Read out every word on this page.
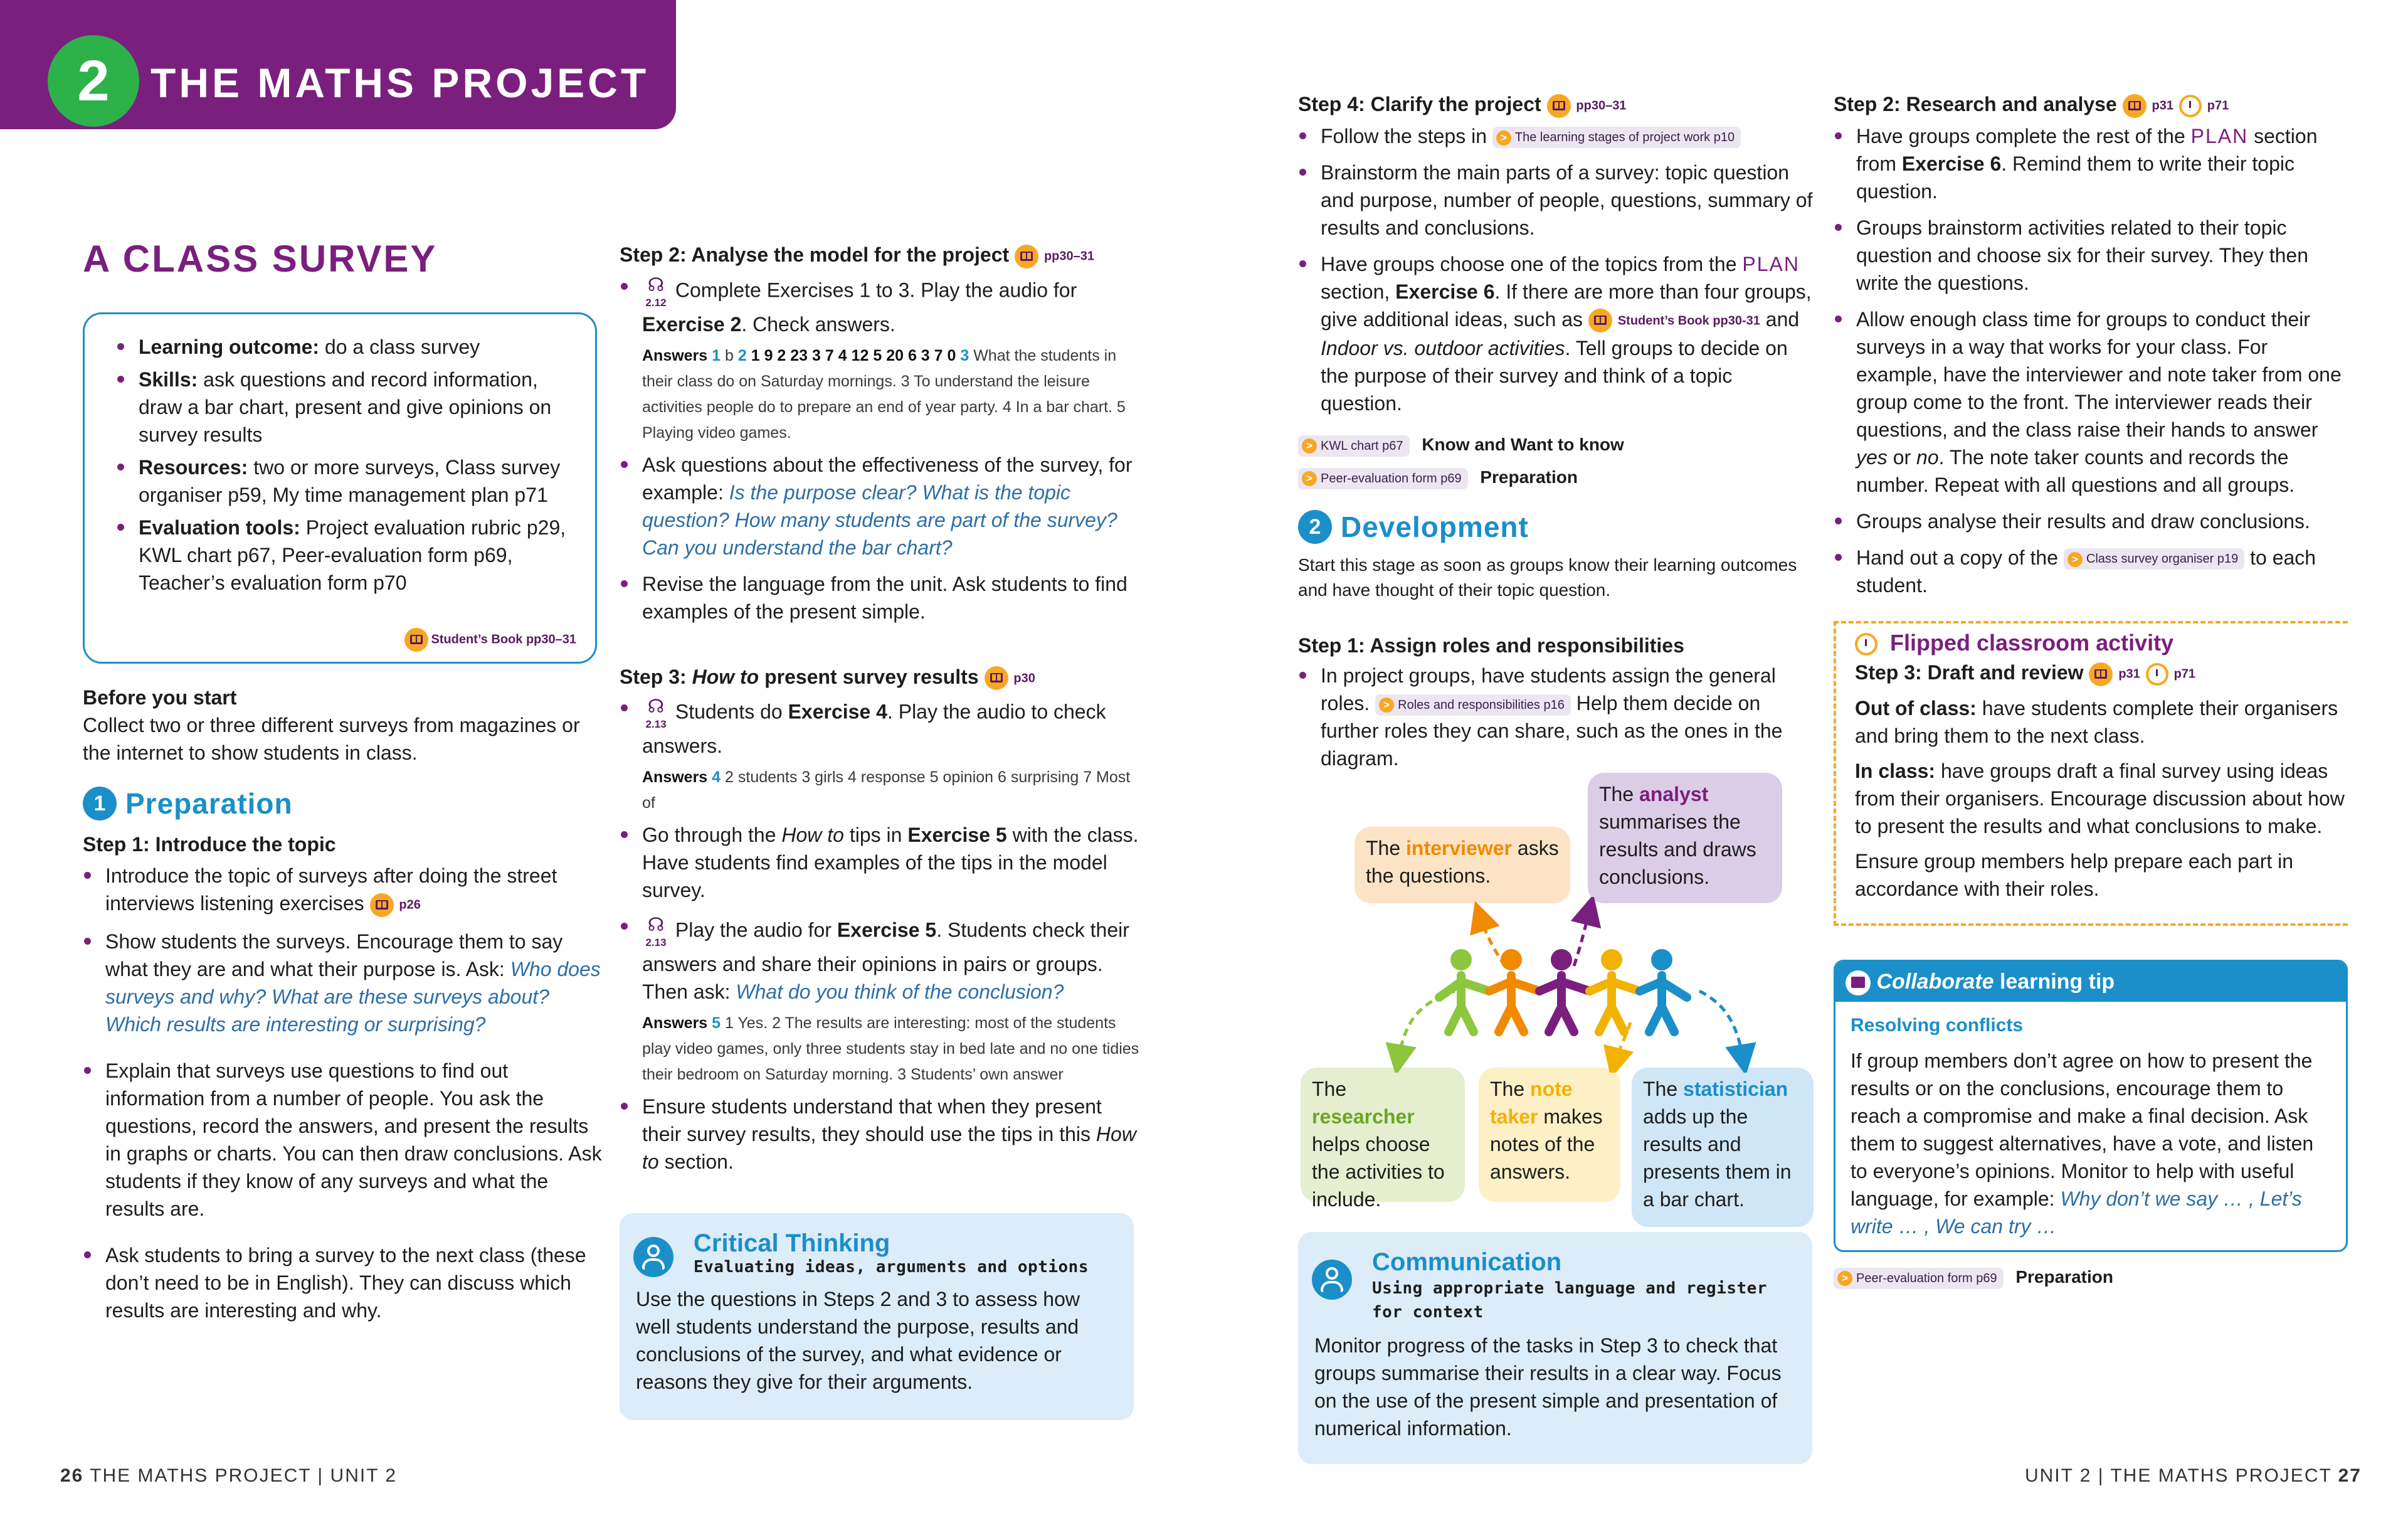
2 THE MATHS PROJECT
A CLASS SURVEY
Learning outcome: do a class survey
Skills: ask questions and record information, draw a bar chart, present and give opinions on survey results
Resources: two or more surveys, Class survey organiser p59, My time management plan p71
Evaluation tools: Project evaluation rubric p29, KWL chart p67, Peer-evaluation form p69, Teacher’s evaluation form p70
Student’s Book pp30–31
Before you start

Collect two or three different surveys from magazines or the internet to show students in class.

1 Preparation
Step 1: Introduce the topic
Introduce the topic of surveys after doing the street interviews listening exercises	p26
Show students the surveys. Encourage them to say what they are and what their purpose is. Ask: Who does surveys and why? What are these surveys about? Which results are interesting or surprising?
Explain that surveys use questions to find out information from a number of people. You ask the questions, record the answers, and present the results in graphs or charts. You can then draw conclusions. Ask students if they know of any surveys and what the results are.
Ask students to bring a survey to the next class (these don’t need to be in English). They can discuss which results are interesting and why.
Step 2: Analyse the model for the project	pp30–31
☊
2.12
Complete Exercises 1 to 3. Play the audio for Exercise 2. Check answers.
Answers 1 b 2 1 9 2 23 3 7 4 12 5 20 6 3 7 0 3 What the students in their class do on Saturday mornings. 3 To understand the leisure activities people do to prepare an end of year party. 4 In a bar chart. 5 Playing video games.
Ask questions about the effectiveness of the survey, for example: Is the purpose clear? What is the topic question? How many students are part of the survey? Can you understand the bar chart?
Revise the language from the unit. Ask students to find examples of the present simple.
Step 3: How to present survey results	p30
☊
2.13
Students do Exercise 4. Play the audio to check answers.
Answers 4 2 students 3 girls 4 response 5 opinion 6 surprising 7 Most of
Go through the How to tips in Exercise 5 with the class. Have students find examples of the tips in the model survey.
☊
2.13
Play the audio for Exercise 5. Students check their answers and share their opinions in pairs or groups. Then ask: What do you think of the conclusion?
Answers 5 1 Yes. 2 The results are interesting: most of the students play video games, only three students stay in bed late and no one tidies their bedroom on Saturday morning. 3 Students’ own answer
Ensure students understand that when they present their survey results, they should use the tips in this How to section.
Critical Thinking
Evaluating ideas, arguments and options

Use the questions in Steps 2 and 3 to assess how well students understand the purpose, results and conclusions of the survey, and what evidence or reasons they give for their arguments.

Step 4: Clarify the project	pp30–31
Follow the steps in > The learning stages of project work p10
Brainstorm the main parts of a survey: topic question and purpose, number of people, questions, summary of results and conclusions.
Have groups choose one of the topics from the PLAN section, Exercise 6. If there are more than four groups, give additional ideas, such as  Student’s Book pp30-31 and Indoor vs. outdoor activities. Tell groups to decide on the purpose of their survey and think of a topic question.
> KWL chart p67 Know and Want to know
> Peer-evaluation form p69 Preparation
2 Development
Start this stage as soon as groups know their learning outcomes and have thought of their topic question.
Step 1: Assign roles and responsibilities
In project groups, have students assign the general roles. > Roles and responsibilities p16 Help them decide on further roles they can share, such as the ones in the diagram.
The interviewer asks the questions.
The analyst summarises the results and draws conclusions.
The researcher helps choose the activities to include.
The note taker makes notes of the answers.
The statistician adds up the results and presents them in a bar chart.
Communication
Using appropriate language and register for context

Monitor progress of the tasks in Step 3 to check that groups summarise their results in a clear way. Focus on the use of the present simple and presentation of numerical information.

Step 2: Research and analyse	p31	p71
Have groups complete the rest of the PLAN section from Exercise 6. Remind them to write their topic question.
Groups brainstorm activities related to their topic question and choose six for their survey. They then write the questions.
Allow enough class time for groups to conduct their surveys in a way that works for your class. For example, have the interviewer and note taker from one group come to the front. The interviewer reads their questions, and the class raise their hands to answer yes or no. The note taker counts and records the number. Repeat with all questions and all groups.
Groups analyse their results and draw conclusions.
Hand out a copy of the > Class survey organiser p19 to each student.
Flipped classroom activity
Step 3: Draft and review	p31	p71

Out of class: have students complete their organisers and bring them to the next class.

In class: have groups draft a final survey using ideas from their organisers. Encourage discussion about how to present the results and what conclusions to make.

Ensure group members help prepare each part in accordance with their roles.

Collaborate learning tip
Resolving conflicts

If group members don’t agree on how to present the results or on the conclusions, encourage them to reach a compromise and make a final decision. Ask them to suggest alternatives, have a vote, and listen to everyone’s opinions. Monitor to help with useful language, for example: Why don’t we say … , Let’s write … , We can try …

> Peer-evaluation form p69 Preparation
26 THE MATHS PROJECT | UNIT 2	UNIT 2 | THE MATHS PROJECT 27
